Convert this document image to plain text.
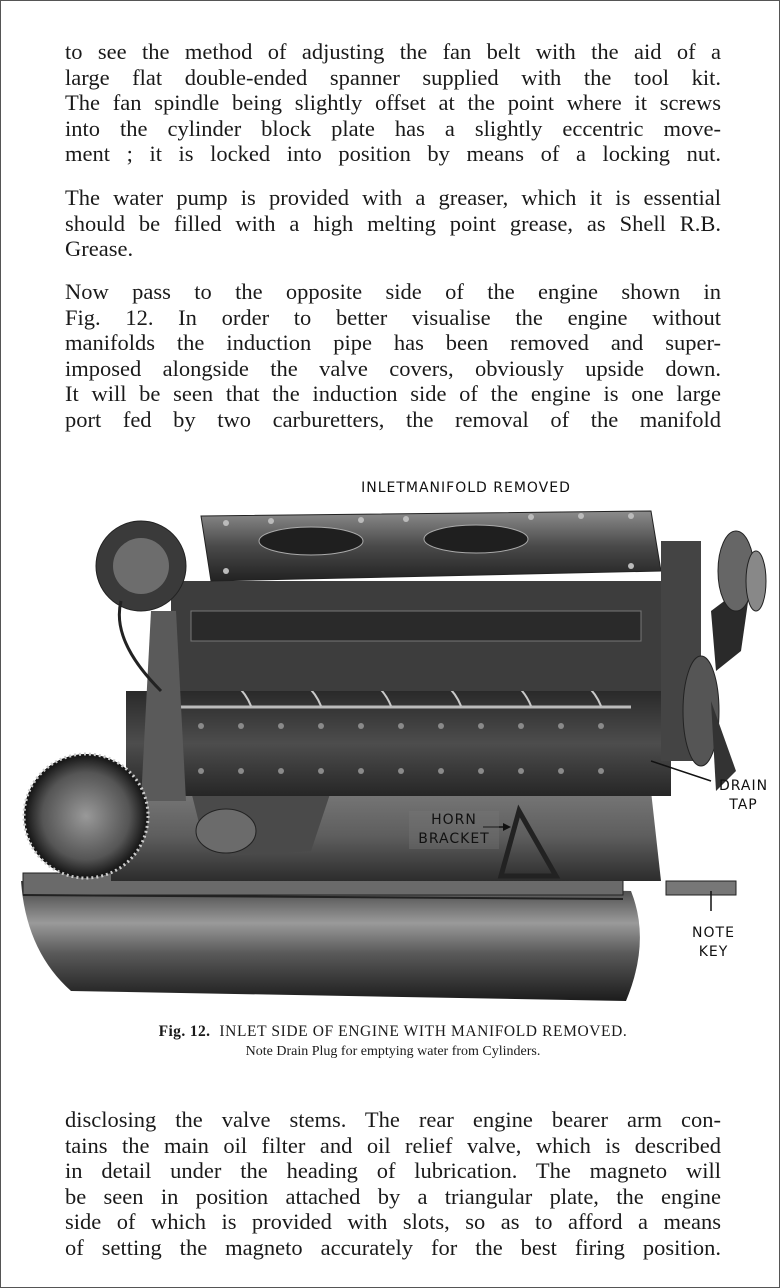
to see the method of adjusting the fan belt with the aid of a
large flat double-ended spanner supplied with the tool kit.
The fan spindle being slightly offset at the point where it screws
into the cylinder block plate has a slightly eccentric move-
ment ; it is locked into position by means of a locking nut.

The water pump is provided with a greaser, which it is essential
should be filled with a high melting point grease, as Shell R.B.
Grease.

Now pass to the opposite side of the engine shown in
Fig. 12. In order to better visualise the engine without
manifolds the induction pipe has been removed and super-
imposed alongside the valve covers, obviously upside down.
It will be seen that the induction side of the engine is one large
port fed by two carburetters, the removal of the manifold

INLETMANIFOLD REMOVED
HORN
BRACKET
DRAIN
TAP
NOTE
KEY
Fig. 12. INLET SIDE OF ENGINE WITH MANIFOLD REMOVED.
Note Drain Plug for emptying water from Cylinders.

disclosing the valve stems. The rear engine bearer arm con-
tains the main oil filter and oil relief valve, which is described
in detail under the heading of lubrication. The magneto will
be seen in position attached by a triangular plate, the engine
side of which is provided with slots, so as to afford a means
of setting the magneto accurately for the best firing position.
